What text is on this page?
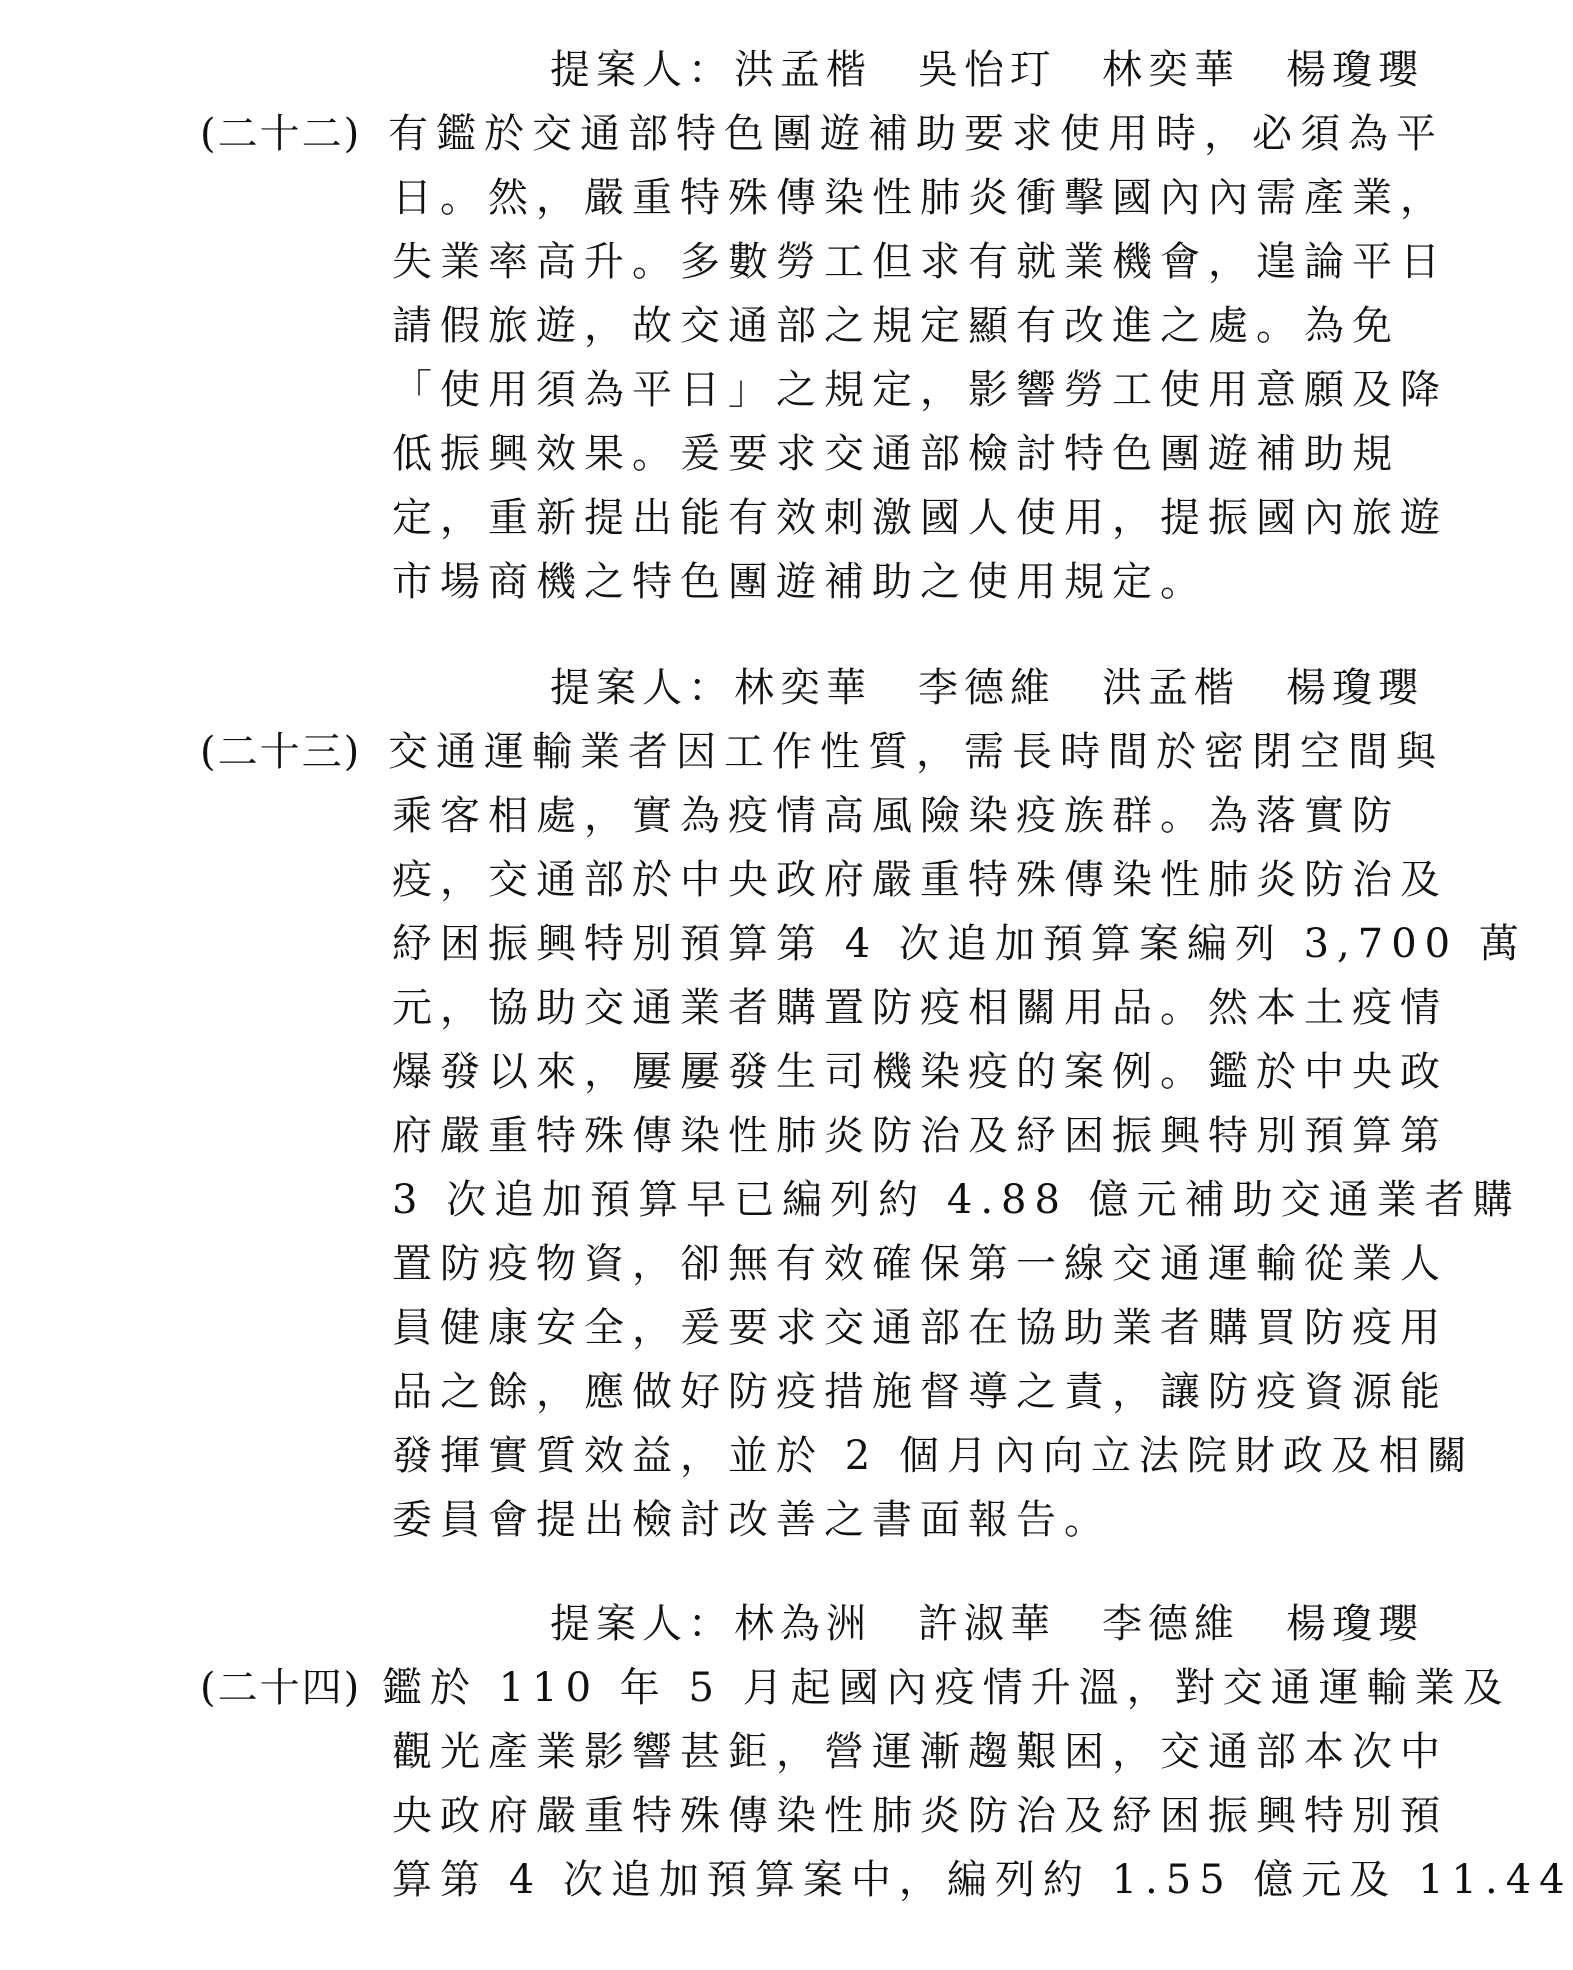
提案人：洪孟楷　吳怡玎　林奕華　楊瓊瓔
(二十二) 有鑑於交通部特色團遊補助要求使用時，必須為平
日。然，嚴重特殊傳染性肺炎衝擊國內內需產業，
失業率高升。多數勞工但求有就業機會，遑論平日
請假旅遊，故交通部之規定顯有改進之處。為免
「使用須為平日」之規定，影響勞工使用意願及降
低振興效果。爰要求交通部檢討特色團遊補助規
定，重新提出能有效刺激國人使用，提振國內旅遊
市場商機之特色團遊補助之使用規定。
提案人：林奕華　李德維　洪孟楷　楊瓊瓔
(二十三) 交通運輸業者因工作性質，需長時間於密閉空間與
乘客相處，實為疫情高風險染疫族群。為落實防
疫，交通部於中央政府嚴重特殊傳染性肺炎防治及
紓困振興特別預算第 4 次追加預算案編列 3,700 萬
元，協助交通業者購置防疫相關用品。然本土疫情
爆發以來，屢屢發生司機染疫的案例。鑑於中央政
府嚴重特殊傳染性肺炎防治及紓困振興特別預算第
3 次追加預算早已編列約 4.88 億元補助交通業者購
置防疫物資，卻無有效確保第一線交通運輸從業人
員健康安全，爰要求交通部在協助業者購買防疫用
品之餘，應做好防疫措施督導之責，讓防疫資源能
發揮實質效益，並於 2 個月內向立法院財政及相關
委員會提出檢討改善之書面報告。
提案人：林為洲　許淑華　李德維　楊瓊瓔
(二十四) 鑑於 110 年 5 月起國內疫情升溫，對交通運輸業及
觀光產業影響甚鉅，營運漸趨艱困，交通部本次中
央政府嚴重特殊傳染性肺炎防治及紓困振興特別預
算第 4 次追加預算案中，編列約 1.55 億元及 11.44
